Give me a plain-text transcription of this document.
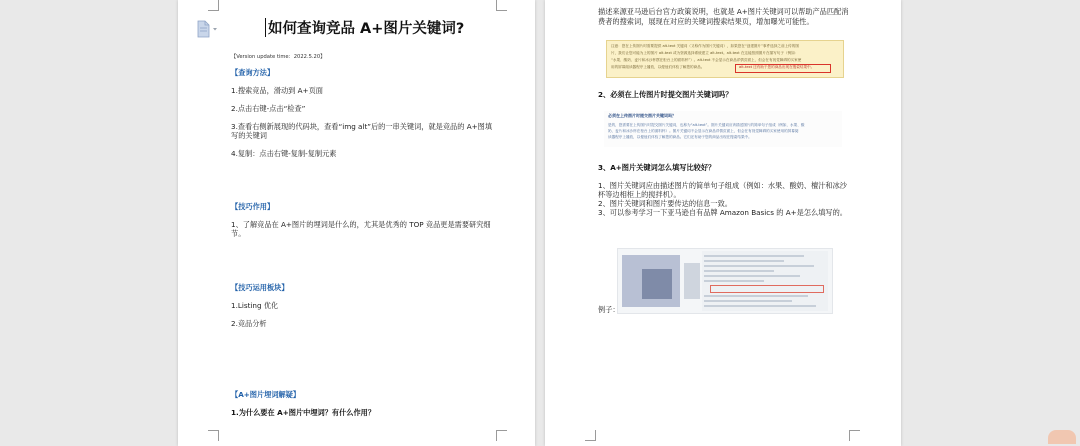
如何查询竞品 A+图片关键词?
【Version update time：2022.5.20】
【查询方法】
1.搜索竞品，滑动到 A+页面
2.点击右键-点击“检查”
3.查看右侧新展现的代码块，查看“img alt”后的一串关键词，就是竞品的 A+图填
写的关键词
4.复制：点击右键-复制-复制元素
【技巧作用】
1、了解竞品在 A+图片的埋词是什么的，尤其是优秀的 TOP 竞品更是需要研究细
节。
【技巧运用板块】
1.Listing 优化
2.竞品分析
【A+图片埋词解疑】
1.为什么要在 A+图片中埋词？有什么作用？
描述来源亚马逊后台官方政策说明，也就是 A+图片关键词可以帮助产品匹配消
费者的搜索词，展现在对应的关键词搜索结果页，增加曝光可能性。
注意：您在上传图片时需要提供 alt-text 关键词（又称作为图片关键词），如果您在“创建图片”事件选择之前上传的图
片，我们让您可能为上的图片 alt-text 或为资源选择系统建立 alt-text。alt-text 在这能按照图片在描写句子（例如：
“水果、酸奶、麦片和冰沙杯摆在柜台上的面料杯”）。alt-text 不会显示在商品详情页面上，但会在有视觉障碍的买家使
用的屏幕阅读器程序上播放，以便他们体验了解您的商品。	alt-text 还有助于您的商品出现在搜索结果中。
2、必须在上传图片时提交图片关键词吗？
必须在上传图片时提交图片关键词吗？
是的，您需要在上传图片时提交图片关键词，也称为“alt-text”。图片关键词应该描述图片的简单句子组成（例如，水果、酸
奶、麦片和冰沙杯在柜台上的面料杯）。图片关键词不会显示在商品详情页面上，但会在有视觉障碍的买家使用的屏幕阅
读器程序上播放，以便他们体验了解您的商品。它们还有助于您的商品出现在搜索结果中。
3、A+图片关键词怎么填写比较好？
1、图片关键词应由描述图片的简单句子组成（例如：水果、酸奶、檀汁和冰沙
杯等边相柜上的搅拌机）。
2、图片关键词和图片要传达的信息一致。
3、可以参考学习一下亚马逊自有品牌 Amazon Basics 的 A+是怎么填写的。
例子：
